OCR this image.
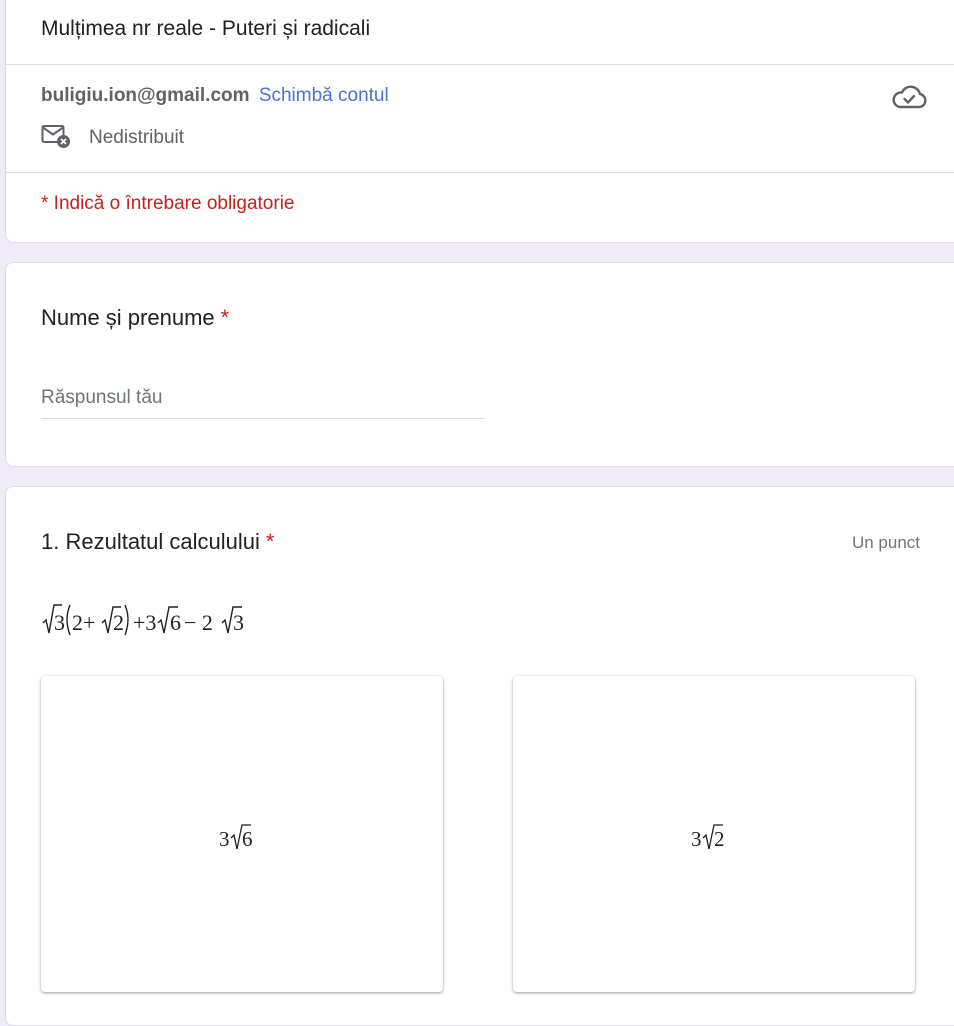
Mulțimea nr reale - Puteri și radicali
buligiu.ion@gmail.com Schimbă contul
Nedistribuit
* Indică o întrebare obligatorie
Nume și prenume *
Răspunsul tău
1. Rezultatul calculului *	Un punct
3 2+ 2 +3 6 − 2 3
3 6	3 2
